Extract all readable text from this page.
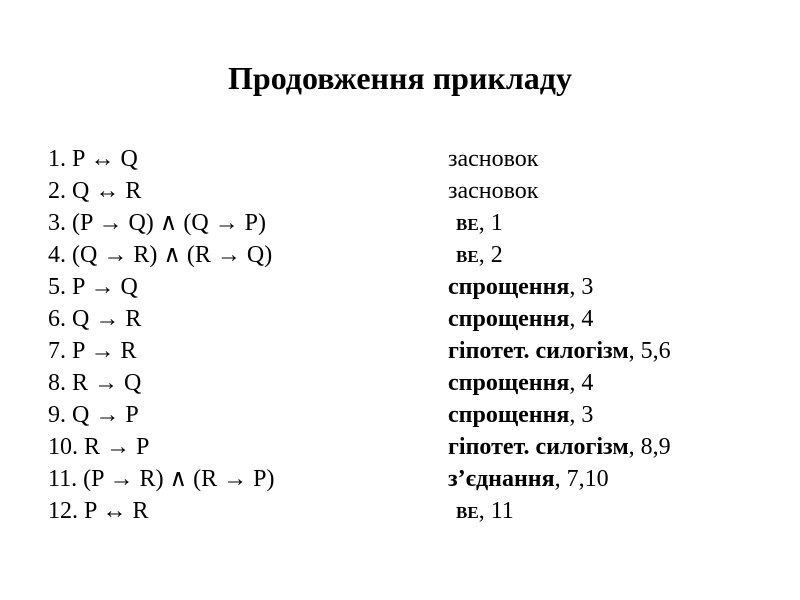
Продовження прикладу
1. P ↔ Q	засновок
2. Q ↔ R	засновок
3. (P → Q) ∧ (Q → P)	ВЕ, 1
4. (Q → R) ∧ (R → Q)	ВЕ, 2
5. P → Q	спрощення, 3
6. Q → R	спрощення, 4
7. P → R	гіпотет. силогізм, 5,6
8. R → Q	спрощення, 4
9. Q → P	спрощення, 3
10. R → P	гіпотет. силогізм, 8,9
11. (P → R) ∧ (R → P)	з’єднання, 7,10
12. P ↔ R	ВЕ, 11
